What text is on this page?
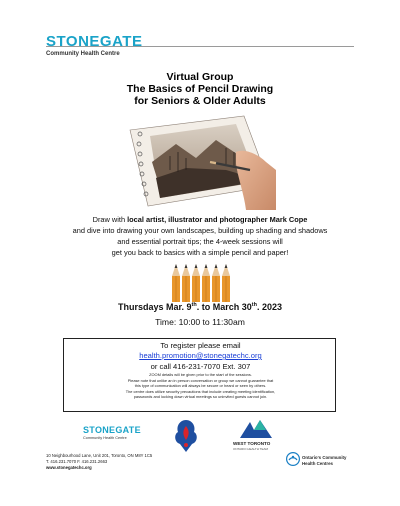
STONEGATE
Community Health Centre
Virtual Group
The Basics of Pencil Drawing
for Seniors & Older Adults
Draw with local artist, illustrator and photographer Mark Cope
and dive into drawing your own landscapes, building up shading and shadows
and essential portrait tips; the 4-week sessions will
get you back to basics with a simple pencil and paper!
Thursdays Mar. 9th. to March 30th. 2023
Time: 10:00 to 11:30am
To register please email
health.promotion@stonegatechc.org
or call 416-231-7070 Ext. 307
ZOOM details will be given prior to the start of the sessions.
Please note that unlike an in person conversation or group we cannot guarantee that
this type of communication will always be secure or heard or seen by others.
The centre does utilize security precautions that include creating meeting identification,
passwords and locking down virtual meetings so uninvited guests cannot join.
STONEGATE
Community Health Centre
WEST TORONTO
ONTARIO HEALTH TEAM
10 Neighbourhood Lane, Unit 201, Toronto, ON M8Y 1C5
T. 416.231.7070 F. 416.231.2663
www.stonegatechc.org
Ontario's Community
Health Centres
